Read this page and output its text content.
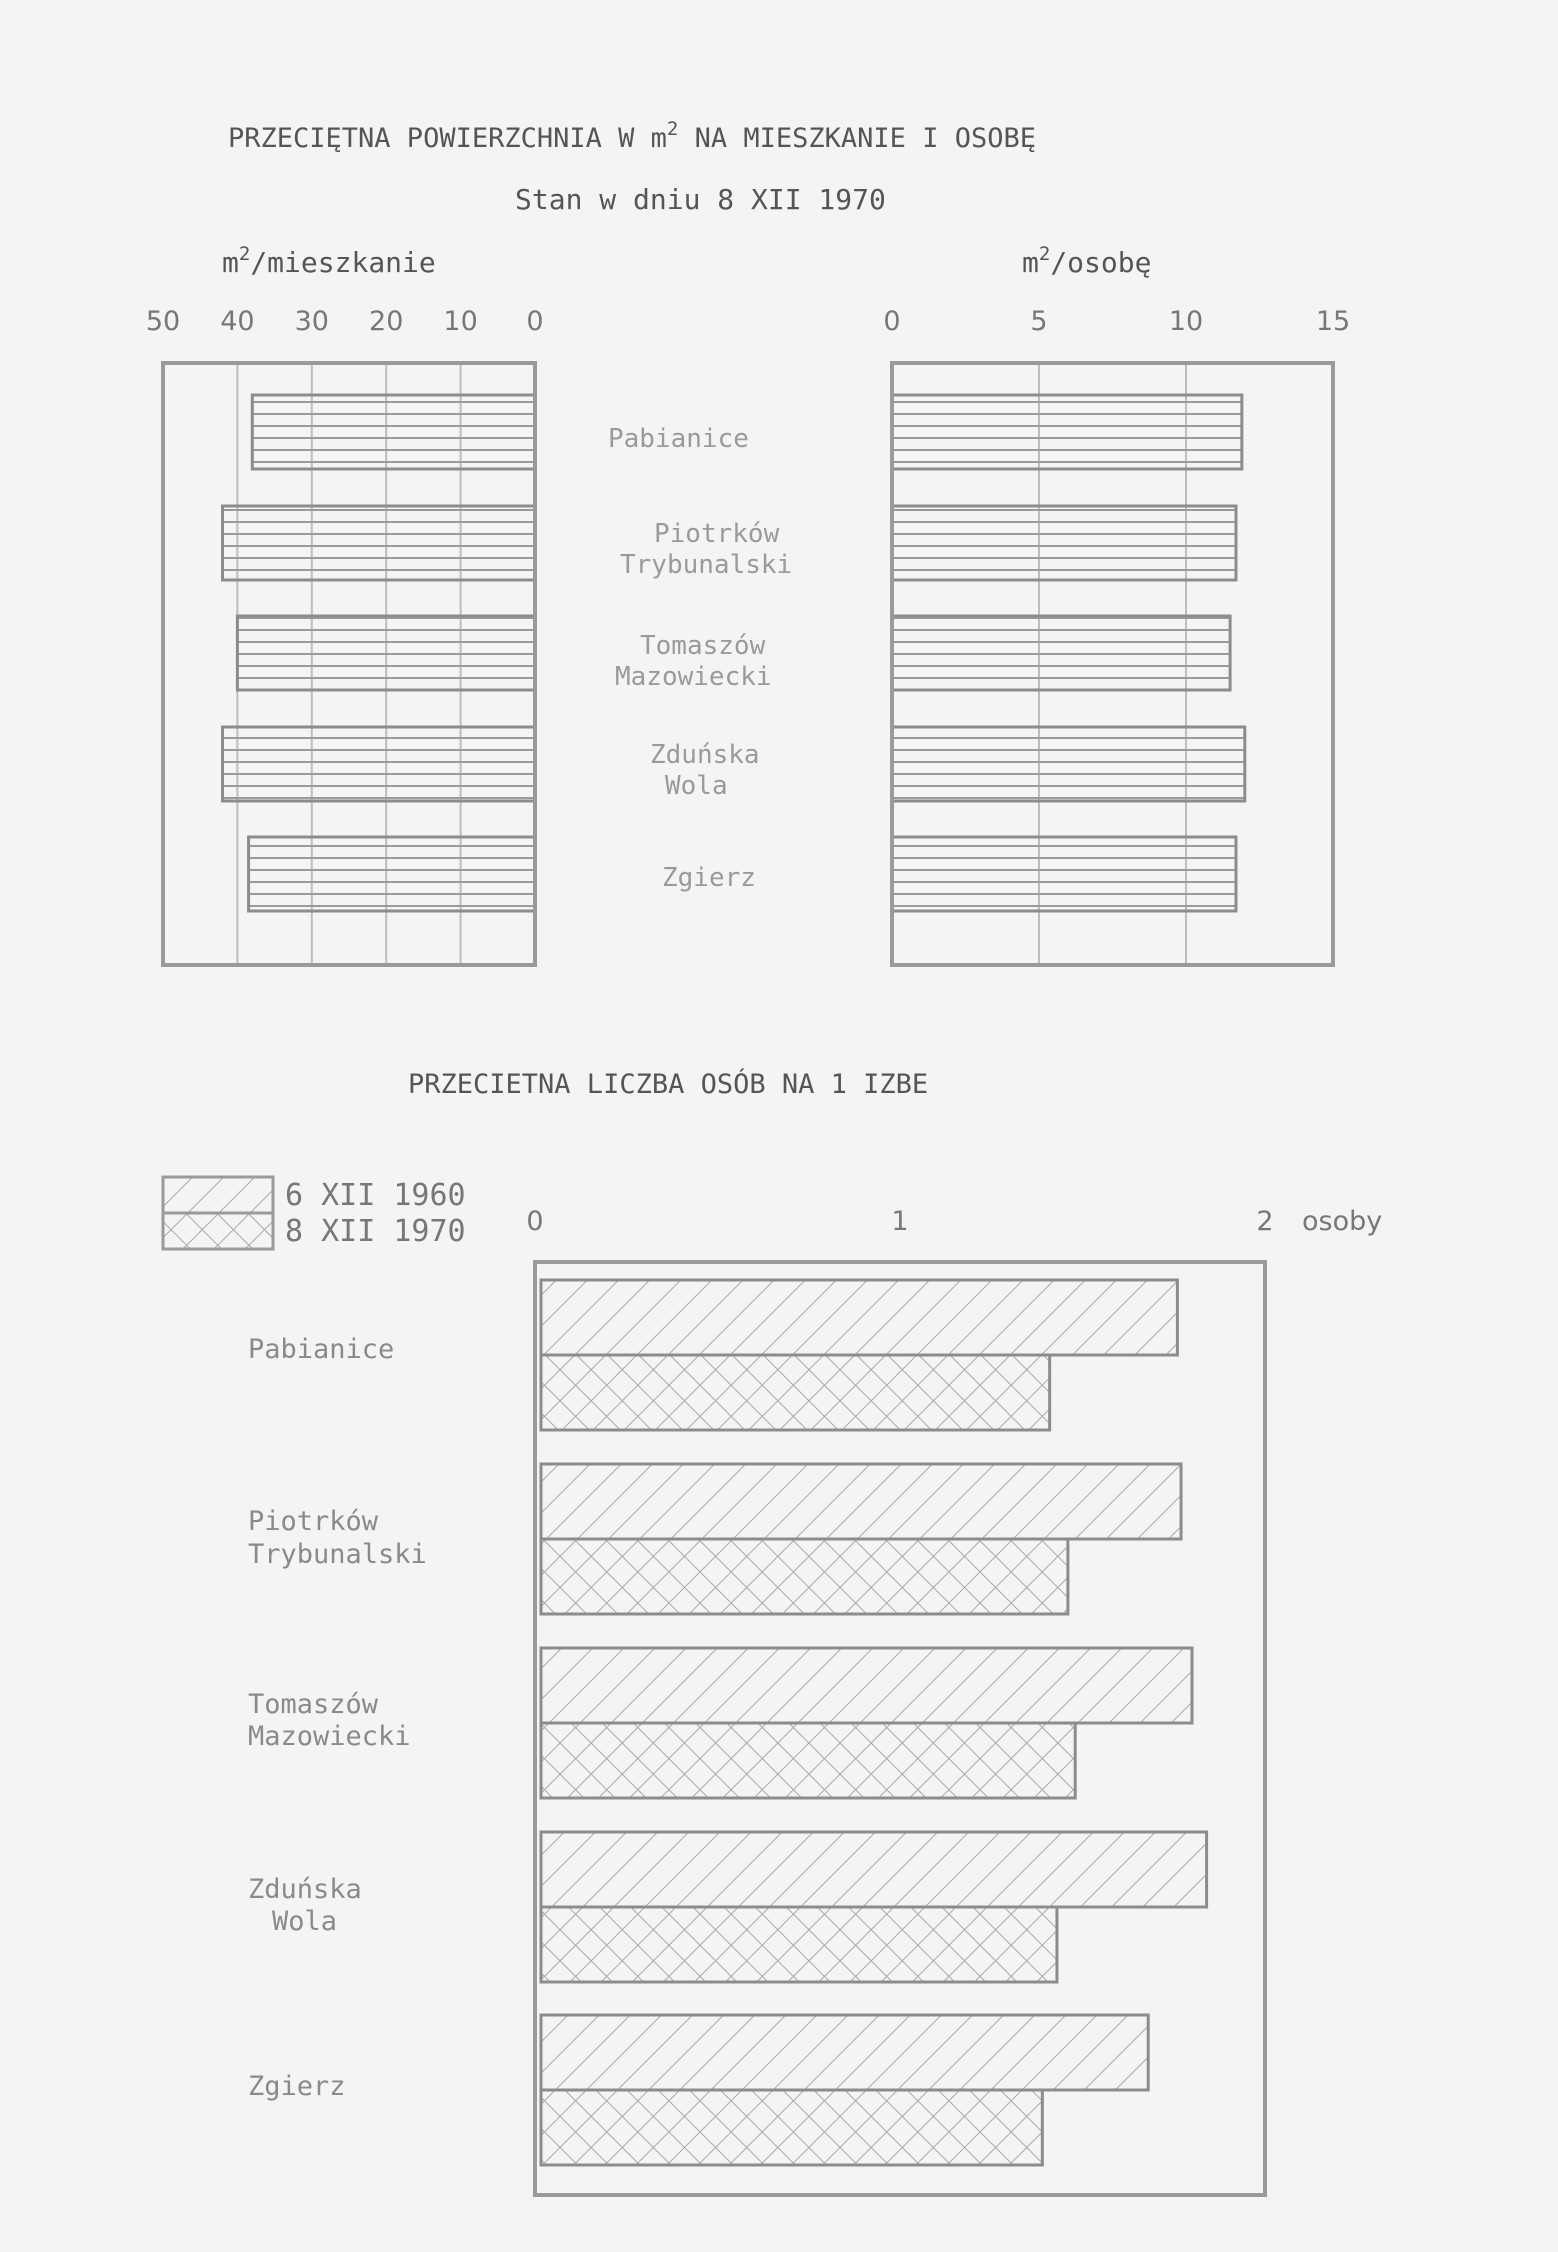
PRZECIĘTNA POWIERZCHNIA W $m^2$ NA MIESZKANIE I OSOBĘ
Stan w dniu 8 XII 1970
$m^2$/mieszkanie	$m^2$/osobę
PRZECIETNA LICZBA OSÓB NA 1 IZBE
50 40 30 20 10 0
Pabianice
Piotrków
Trybunalski
Tomaszów
Mazowiecki
Zduńska
Wola
Zgierz
0	5	10	15
0	1	2 osoby
6 XII 1960
8 XII 1970
Pabianice
Piotrków
Trybunalski
Tomaszów
Mazowiecki
Zduńska
Wola
Zgierz
